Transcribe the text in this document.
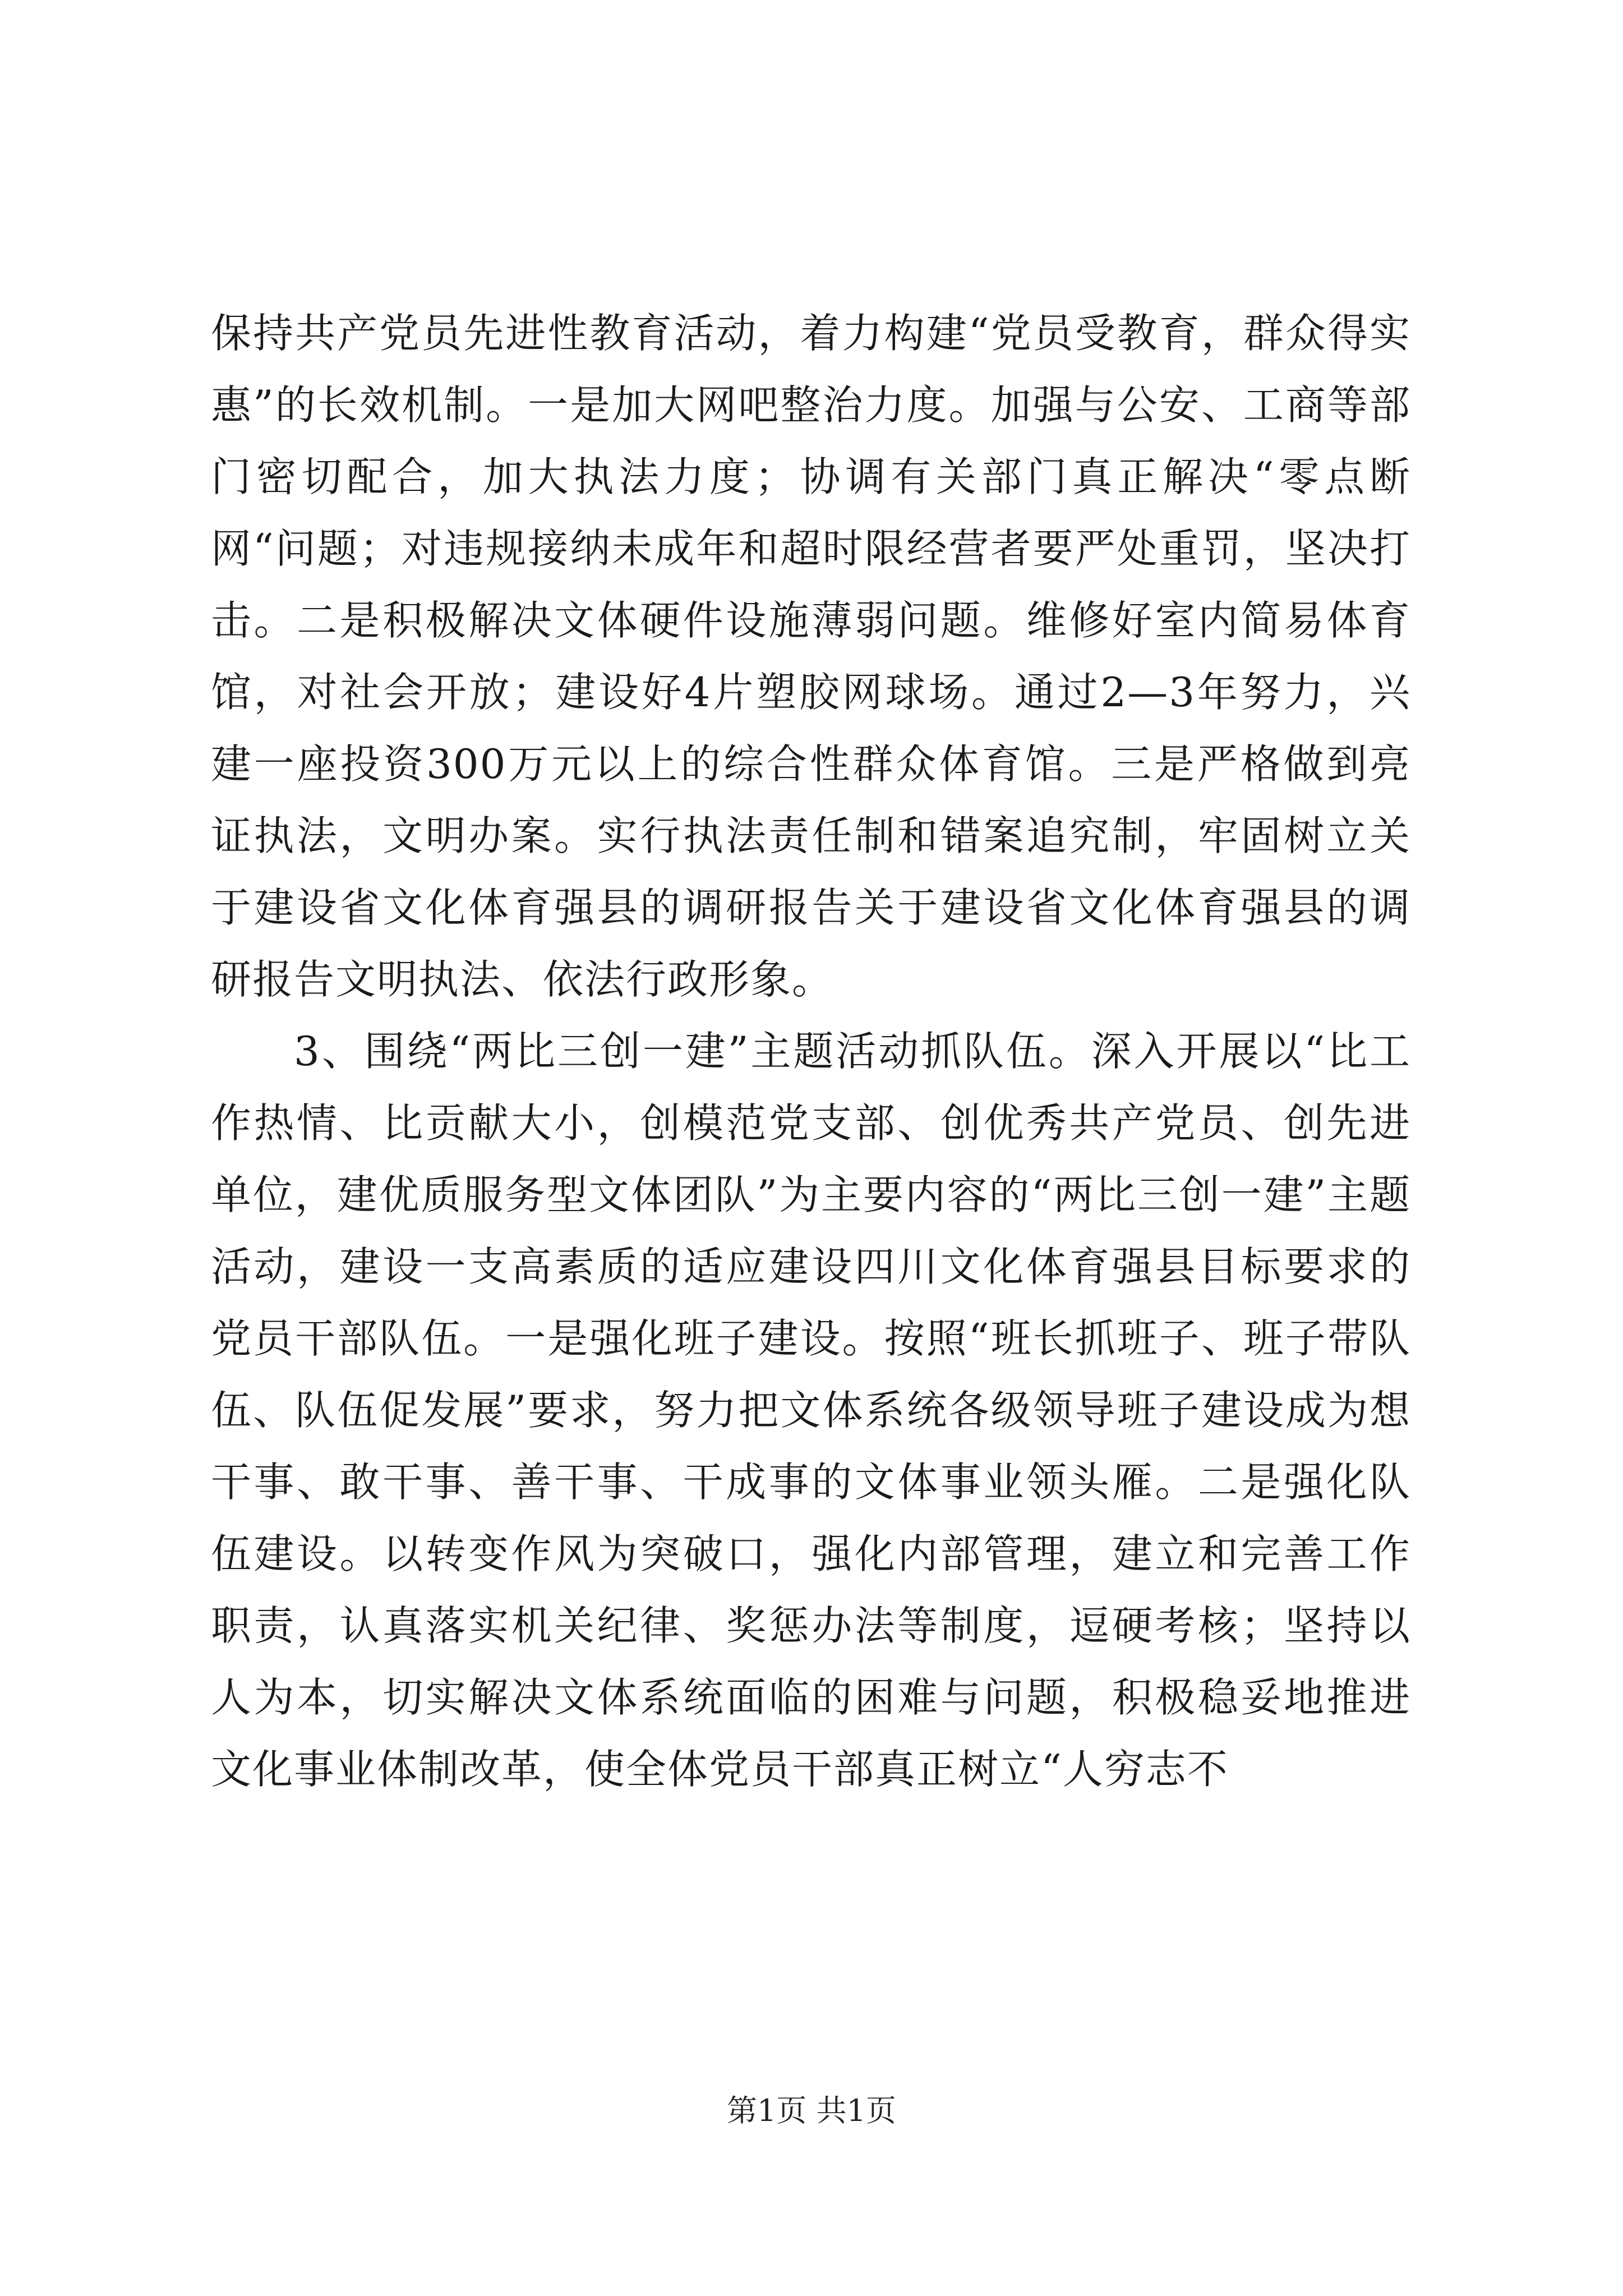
保持共产党员先进性教育活动，着力构建“党员受教育，群众得实惠”的长效机制。一是加大网吧整治力度。加强与公安、工商等部门密切配合，加大执法力度；协调有关部门真正解决“零点断网“问题；对违规接纳未成年和超时限经营者要严处重罚，坚决打击。二是积极解决文体硬件设施薄弱问题。维修好室内简易体育馆，对社会开放；建设好4片塑胶网球场。通过2—3年努力，兴建一座投资300万元以上的综合性群众体育馆。三是严格做到亮证执法，文明办案。实行执法责任制和错案追究制，牢固树立关于建设省文化体育强县的调研报告关于建设省文化体育强县的调研报告文明执法、依法行政形象。

3、围绕“两比三创一建”主题活动抓队伍。深入开展以“比工作热情、比贡献大小，创模范党支部、创优秀共产党员、创先进单位，建优质服务型文体团队”为主要内容的“两比三创一建”主题活动，建设一支高素质的适应建设四川文化体育强县目标要求的党员干部队伍。一是强化班子建设。按照“班长抓班子、班子带队伍、队伍促发展”要求，努力把文体系统各级领导班子建设成为想干事、敢干事、善干事、干成事的文体事业领头雁。二是强化队伍建设。以转变作风为突破口，强化内部管理，建立和完善工作职责，认真落实机关纪律、奖惩办法等制度，逗硬考核；坚持以人为本，切实解决文体系统面临的困难与问题，积极稳妥地推进文化事业体制改革，使全体党员干部真正树立“人穷志不

第1页 共1页
